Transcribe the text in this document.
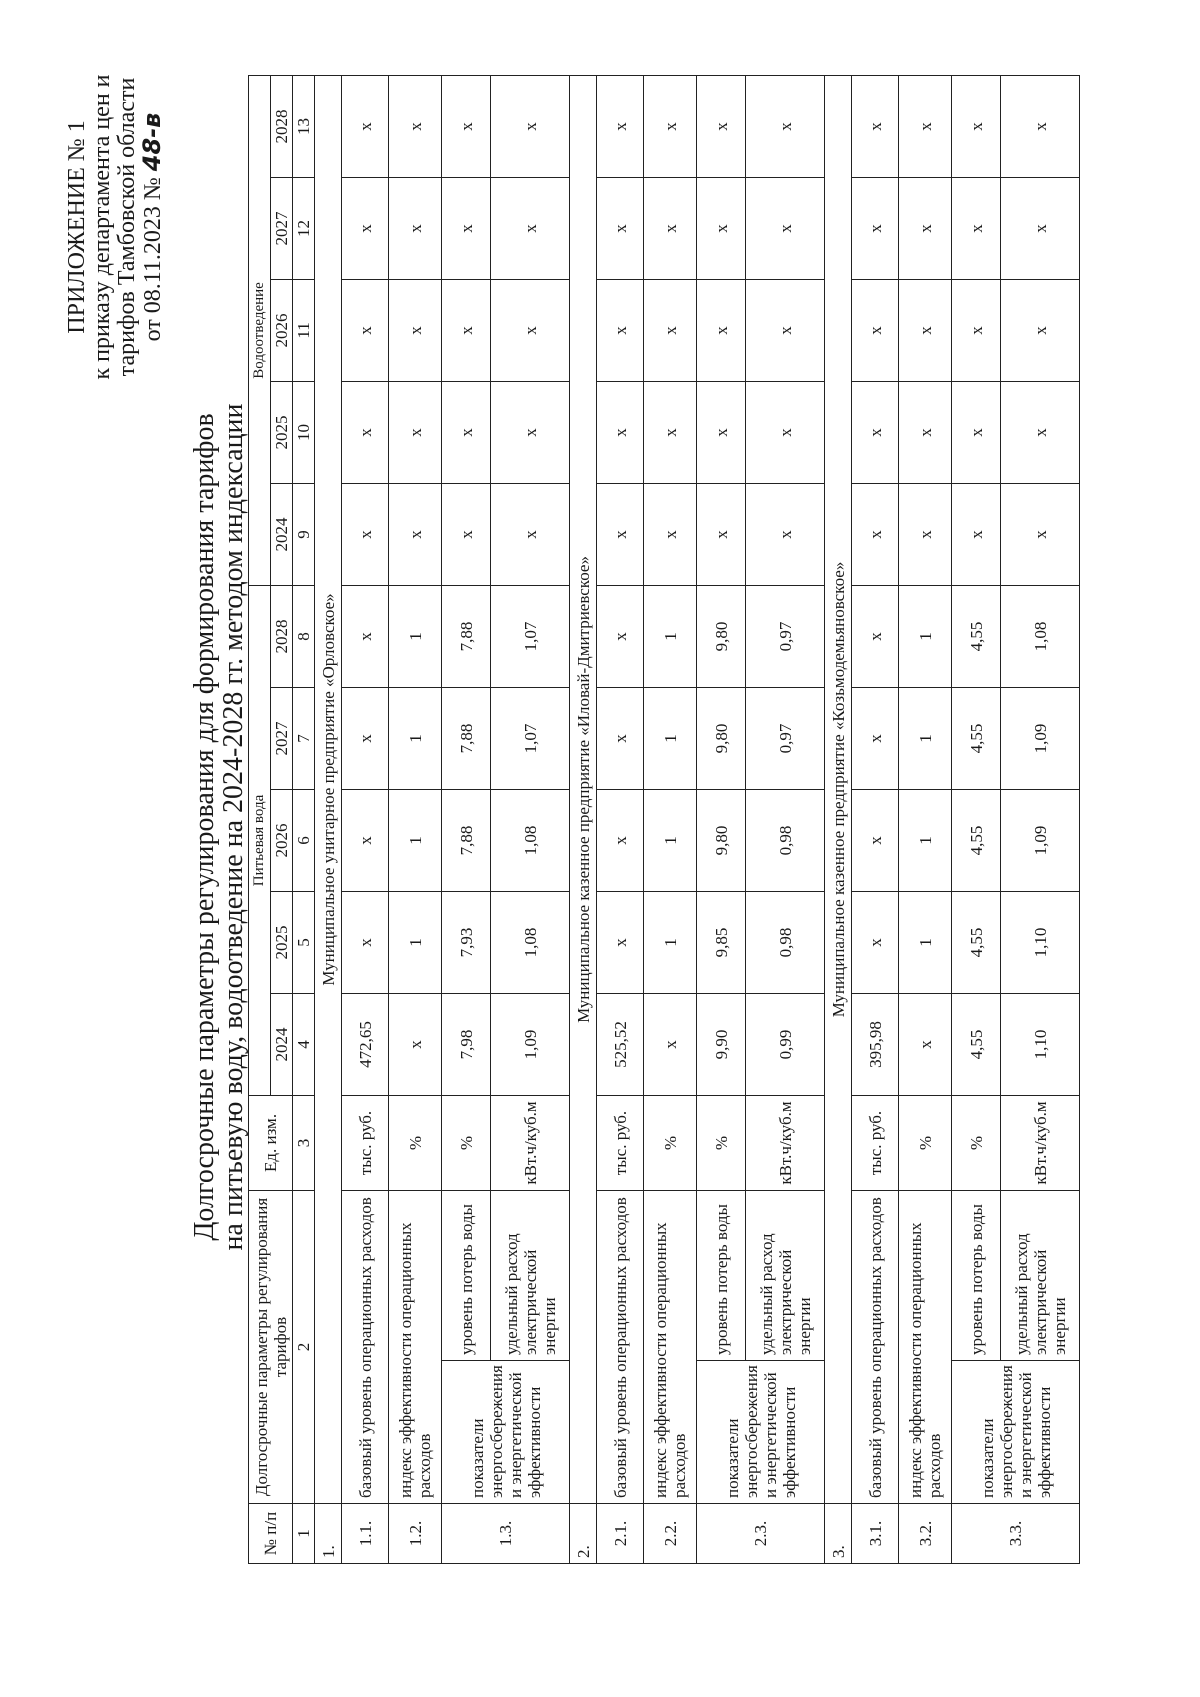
ПРИЛОЖЕНИЕ № 1 к приказу департамента цен и тарифов Тамбовской области от 08.11.2023 № 48-в
Долгосрочные параметры регулирования для формирования тарифов
на питьевую воду, водоотведение на 2024-2028 гг. методом индексации
№ п/п	Долгосрочные параметры регулирования тарифов		Ед. изм.	Питьевая вода					Водоотведение				
				2024	2025	2026	2027	2028	2024	2025	2026	2027	2028
1	2		3	4	5	6	7	8	9	10	11	12	13
1.	Муниципальное унитарное предприятие «Орловское»												
1.1.	базовый уровень операционных расходов		тыс. руб.	472,65	х	х	х	х	х	х	х	х	х
1.2.	индекс эффективности операционных расходов		%	х	1	1	1	1	х	х	х	х	х
1.3.	показатели энергосбережения и энергетической эффективности	уровень потерь воды	%	7,98	7,93	7,88	7,88	7,88	х	х	х	х	х
		удельный расход электрической энергии	кВт.ч/куб.м	1,09	1,08	1,08	1,07	1,07	х	х	х	х	х
2.	Муниципальное казенное предприятие «Иловай-Дмитриевское»												
2.1.	базовый уровень операционных расходов		тыс. руб.	525,52	х	х	х	х	х	х	х	х	х
2.2.	индекс эффективности операционных расходов		%	х	1	1	1	1	х	х	х	х	х
2.3.	показатели энергосбережения и энергетической эффективности	уровень потерь воды	%	9,90	9,85	9,80	9,80	9,80	х	х	х	х	х
		удельный расход электрической энергии	кВт.ч/куб.м	0,99	0,98	0,98	0,97	0,97	х	х	х	х	х
3.	Муниципальное казенное предприятие «Козьмодемьяновское»												
3.1.	базовый уровень операционных расходов		тыс. руб.	395,98	х	х	х	х	х	х	х	х	х
3.2.	индекс эффективности операционных расходов		%	х	1	1	1	1	х	х	х	х	х
3.3.	показатели энергосбережения и энергетической эффективности	уровень потерь воды	%	4,55	4,55	4,55	4,55	4,55	х	х	х	х	х
		удельный расход электрической энергии	кВт.ч/куб.м	1,10	1,10	1,09	1,09	1,08	х	х	х	х	х
